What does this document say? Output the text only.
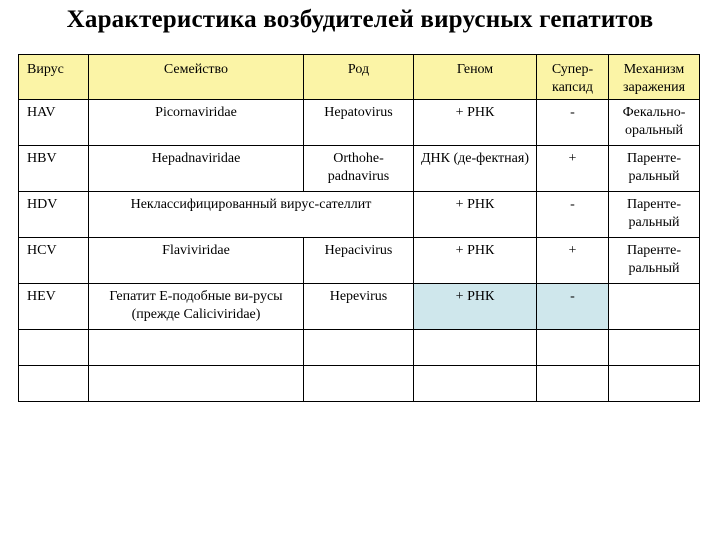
Характеристика возбудителей вирусных гепатитов
Вирус	Семейство	Род	Геном	Супер-капсид	Механизм заражения
HAV	Picornaviridae	Hepatovirus	+ РНК	-	Фекально-оральный
HBV	Hepadnaviridae	Orthohe-padnavirus	ДНК (де-фектная)	+	Паренте-ральный
HDV	Неклассифицированный вирус-сателлит		+ РНК	-	Паренте-ральный
HCV	Flaviviridae	Hepacivirus	+ РНК	+	Паренте-ральный
HEV	Гепатит Е-подобные ви-русы (прежде Caliciviridae)	Hepevirus	+ РНК	-	
